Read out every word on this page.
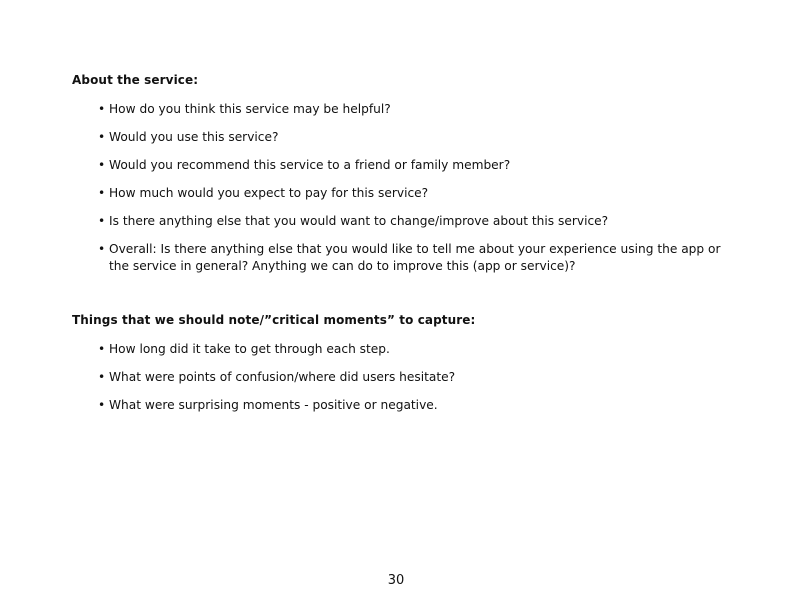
About the service:
• How do you think this service may be helpful?
• Would you use this service?
• Would you recommend this service to a friend or family member?
• How much would you expect to pay for this service?
• Is there anything else that you would want to change/improve about this service?
• Overall: Is there anything else that you would like to tell me about your experience using the app or the service in general? Anything we can do to improve this (app or service)?
Things that we should note/”critical moments” to capture:
• How long did it take to get through each step.
• What were points of confusion/where did users hesitate?
• What were surprising moments - positive or negative.
30
